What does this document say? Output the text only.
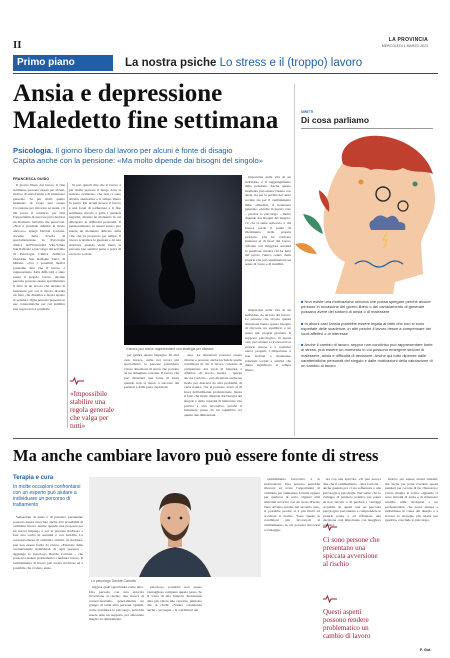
II	LA PROVINCIA
MERCOLEDÌ 1 MARZO 2023
Primo piano	La nostra psiche Lo stress e il (troppo) lavoro
Ansia e depressione
Maledetto fine settimana
Psicologia. Il giorno libero dal lavoro per alcuni è fonte di disagio
Capita anche con la pensione: «Ma molto dipende dai bisogni del singolo»
DIRITTI
Di cosa parliamo
■ Non esiste una motivazione univoca che possa spiegare perché alcune persone in occasione del giorno libero o del cambiamento di generale possano avere dei sintomi di ansia o di malessere
■ In alcuni casi l'ansia potrebbe essere legata al fatto che non si sono rispettate delle scadenze, in altri perché il lavoro riesce a compensare dei vuoti affettivi o di interesse
■ Anche il cambio di lavoro, seppur non condiviso può rappresentare fonte di stress, può essere un momento in cui possono emergere sintomi di malessere, ansia e difficoltà di decisione. Anche qui tutto dipende dalle caratteristiche personali del singolo e dalle motivazioni della valutazione di un cambio di lavoro
FRANCESCA GUIDO

Il giorno libero dal lavoro, il fine settimana possono essere per alcuni, motivo di stati d'ansia e di malessere generale. Se per molti quello momento di svago può essere l'occasione per ritrovare sé stessi, c'è chi prova il contrario, per altri l'opportunità di staccare può rivelarsi un momento tutt'altro che piacevole. «Non è possibile definire in modo univoco» spiega Davide Carlotta, docente della Scuola di specializzazione in Psicologia clinica dell'Università Vita-Salute San Raffaele e psicologo del servizio di Psicologia Clinica dell'Irccs Ospedale San Raffaele Turro di Milano. «Tra i possibili motivi possiamo dire che il lavoro è rappresentato dalla difficoltà a stare senza il proprio lavoro. Alcune persone possono essere sperimentare il fatto di un lavoro che un'idea di benessere per cui il riposo diventa un fatto che disturba e lascia spazio ai pensieri. Ogni persona presenta le sue caratteristiche per cui stabilire una regola non è possibile.

Si può quindi dire che il lavoro è per molte persone il luogo dove si sentono realizzate, che non ci sono attività alternative e il tempo libero fa paura. Per alcuni invece il lavoro è una fonte di sofferenza e il fine settimana riporta a galla i pensieri negativi, diventa un momento in cui emergono le difficoltà personali. Il pensionamento, in questo senso, può essere un momento delicato della vita, che va preparato per tempo. Il lavoro scandisce le giornate e dà una struttura, quando viene meno la persona può sentirsi persa e priva di un ruolo sociale.

Il lavoro può anche rappresentare una strategia per distrarsi

per gestire questo impegno. In altri casi, invece, come nei lavori più specialistici, le persone potrebbero vivere situazioni di stress che portano ad un rimuginio costante. Il lavoro che può diventare una fonte di ansia quando non si riesce a staccare dai pensieri e dalle preoccupazioni.

cure. Le situazioni possono essere diverse e possono anche includere quelle condizioni in cui il lavoro consente di compensare dei vuoti di interessi o affettivi. «Il lavoro, inoltre – spiega ancora Carlotta – può diventare anche un modo per distrarsi da altri problemi, di varia natura, che si possono avere al di fuori dell'ambiente professionale. Resta il fatto che molto dipende dai bisogni del singolo e dalla capacità di bilanciare vita privata e vita lavorativa, perché il benessere passa da un equilibrio tra queste due dimensioni.

«Impossibile stabilire una regola generale che valga per tutti»

importante nella vita di un individuo, è il raggiungimento della pensione. Anche questo momento può essere vissuto con ansia, sia per la perdita del ruolo sociale sia per il cambiamento delle abitudini, il benessere generale. «Anche in questo caso – precisa lo psicologo – molto dipende dai bisogni del singolo: c'è chi si sente sollevato e chi invece perde il punto di riferimento della propria giornata. Chi ha coltivato interessi al di fuori del lavoro affronta con maggiore serenità la pensione, mentre chi ha fatto del lavoro l'unico centro della propria vita può sperimentare un senso di vuoto e di inutilità.

importante nella vita di un individuo, da un lato del lavoro. Le persone che vivono questa situazione hanno spesso bisogno di ritrovare un equilibrio e un senso alle proprie giornate. Il supporto psicologico, in questi casi, può aiutare a riconoscere le proprie risorse e a costruire nuovi progetti. L'importante è non isolarsi e mantenere relazioni sociali e attività che diano significato al tempo libero.

Ma anche cambiare lavoro può essere fonte di stress
Terapia e cura
In molte occasioni confrontarsi con un esperto può aiutare a individuare un percorso di trattamento

Sensazioni di ansia e di pensiero persistente possono essere associate anche alla possibilità di cambiare lavoro. Anche quando una proposta per un nuovo impiego è per le persone rischiosa o fare una scelta in serenità e con lucidità. La consapevolezza di cambiare attività, di rischiare, può non essere facile da vivere. «Esistono delle caratteristiche individuali di ogni persona – aggiunge lo psicologo Davide Carlotta – che possono rendere problematico cambiare lavoro. Il cambiamento di lavoro può essere rischioso ed è possibile che ci siano ansie.

Lo psicologo Davide Carlotta

leggere quell'opportunità come altro. Una persona con una spiccata avversione al rischio, una ricerca di conservatorismo, generalmente un gruppo di tante altre persone. Quindi, come sottolinea lo psicologo, potrebbe essere utile un supporto per affrontare meglio il cambiamento.

psicologo, potrebbe non essere vantaggioso compiere questo passo. Se si tratta di una bilancia decisionale dare più valore alle certezze, piuttosto che ai rischi. «Vanno considerate anche – prosegue – le condizioni del

cambiamento lavorativo e le motivazioni. Una persona potrebbe rilevarsi ad avere l'opportunità di cambiare per aumentare fortuita oppure per qualcosa di certo. Oppure altri stimolati lavorare con un ruolo diverso l'uno all'altro perché, nel secondo caso, si potrebbe perché si è più liberi ed accettare il rischio. Sono queste le condizioni più favorevoli al cambiamento, in cui possono ritrovarsi a vantaggio.

Ci sono persone che presentano una spiccata avversione al rischio
Questi aspetti possono rendere problematico un cambio di lavoro

sia con una spiccata. «Si può ancora dire che il cambiamento – dice Carlotta – anche quando poi ci sia sofferenza o una psicologia e psicologia. Nel senso che lo sviluppo di pensiero positivo per paura di non farcela o di perdere i vantaggi acquisiti. In questi casi un percorso psicologico può aiutare a comprendere le proprie paure e ad affrontare una decisione così importante con maggiore serenità.

motivo per sapere alcuni sintomi, ma anche per poter rivedere questi pensieri per cercare di far chiarezza e vivere meglio la scelta. «Quando ci sono sintomi di ansia o di malessere sarebbe utile rivolgersi a un professionista, che possa aiutare a individuare le cause del disagio e a trovare le strategie più adatte per gestirlo» conclude lo psicologo.

F. Gui.
